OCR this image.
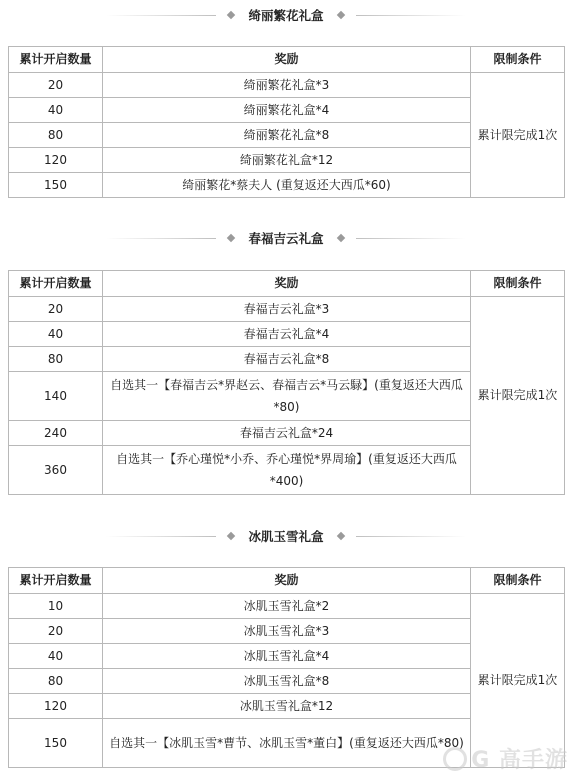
绮丽繁花礼盒
累计开启数量	奖励	限制条件
20	绮丽繁花礼盒*3	累计限完成1次
40	绮丽繁花礼盒*4	
80	绮丽繁花礼盒*8	
120	绮丽繁花礼盒*12	
150	绮丽繁花*蔡夫人 (重复返还大西瓜*60)	
春福吉云礼盒
累计开启数量	奖励	限制条件
20	春福吉云礼盒*3	累计限完成1次
40	春福吉云礼盒*4	
80	春福吉云礼盒*8	
140	自选其一【春福吉云*界赵云、春福吉云*马云騄】(重复返还大西瓜*80)	
240	春福吉云礼盒*24	
360	自选其一【乔心瑾悦*小乔、乔心瑾悦*界周瑜】(重复返还大西瓜*400)	
冰肌玉雪礼盒
累计开启数量	奖励	限制条件
10	冰肌玉雪礼盒*2	累计限完成1次
20	冰肌玉雪礼盒*3	
40	冰肌玉雪礼盒*4	
80	冰肌玉雪礼盒*8	
120	冰肌玉雪礼盒*12	
150	自选其一【冰肌玉雪*曹节、冰肌玉雪*董白】(重复返还大西瓜*80)	
G 高手游
